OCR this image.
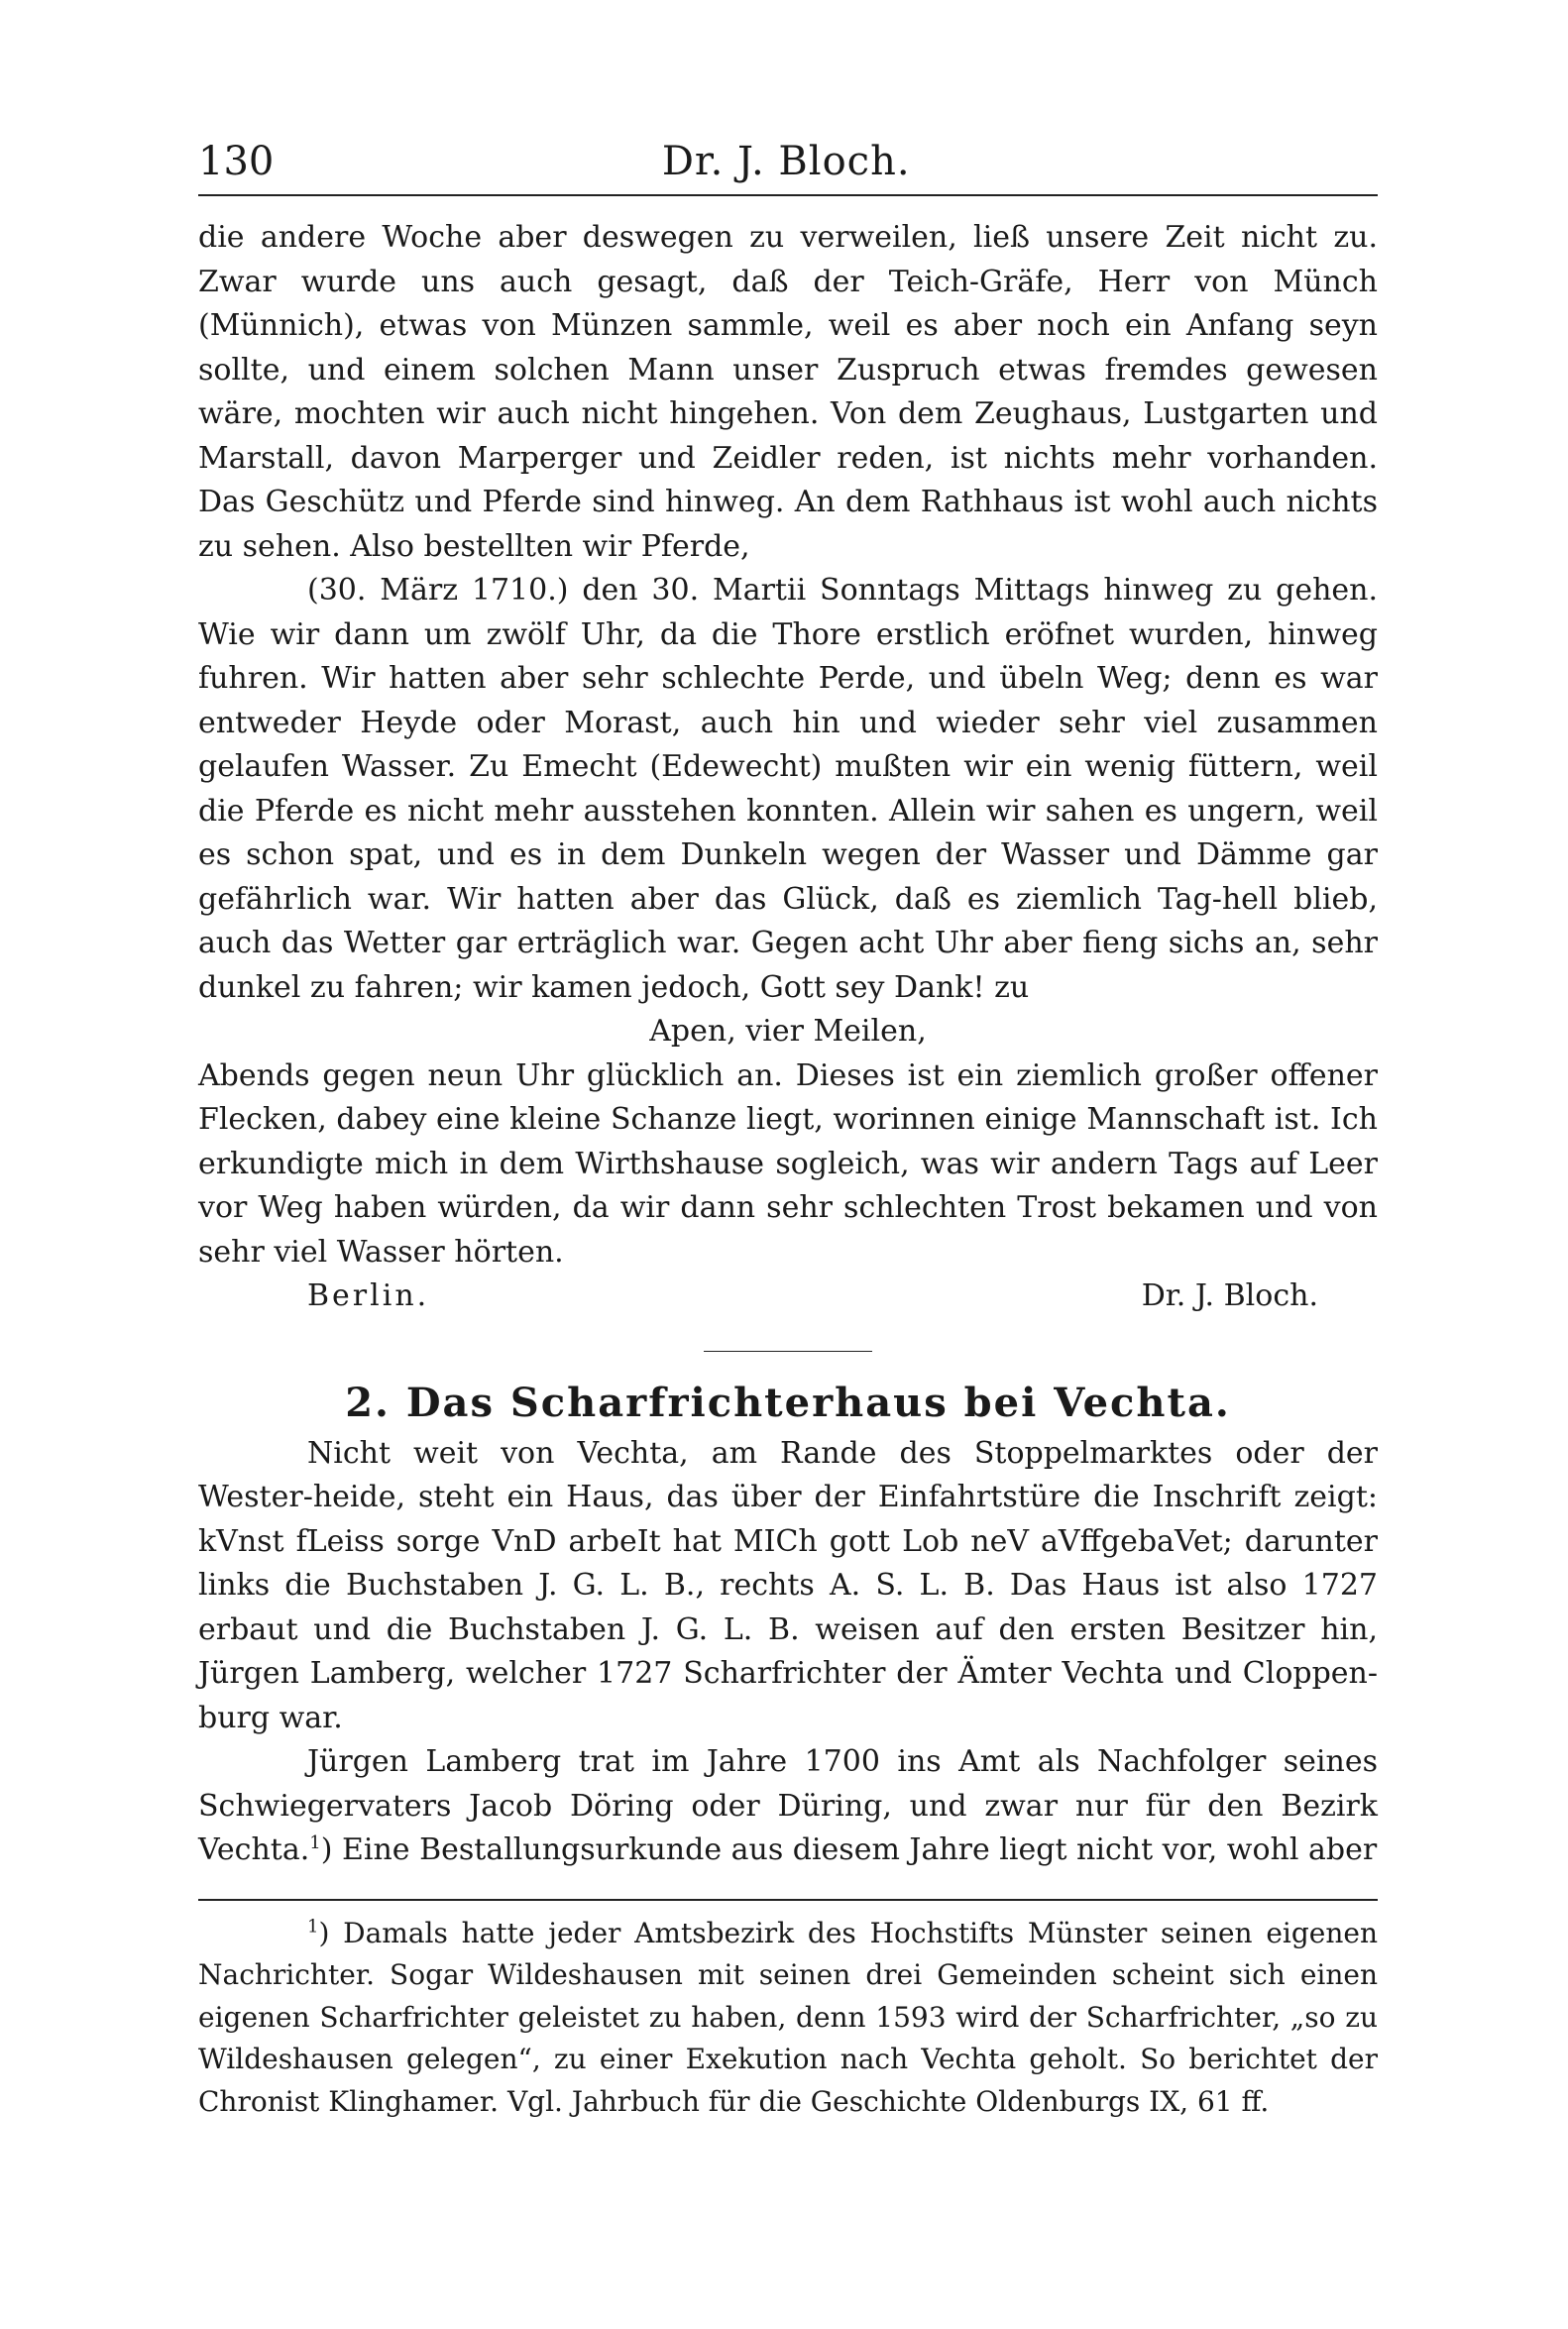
130	Dr. J. Bloch.

die andere Woche aber deswegen zu verweilen, ließ unsere Zeit nicht zu. Zwar wurde uns auch gesagt, daß der Teich-Gräfe, Herr von Münch (Münnich), etwas von Münzen sammle, weil es aber noch ein Anfang seyn sollte, und einem solchen Mann unser Zuspruch etwas fremdes gewesen wäre, mochten wir auch nicht hingehen. Von dem Zeughaus, Lustgarten und Marstall, davon Marperger und Zeidler reden, ist nichts mehr vorhanden. Das Geschütz und Pferde sind hinweg. An dem Rathhaus ist wohl auch nichts zu sehen. Also bestellten wir Pferde,

(30. März 1710.) den 30. Martii Sonntags Mittags hinweg zu gehen. Wie wir dann um zwölf Uhr, da die Thore erstlich eröfnet wurden, hinweg fuhren. Wir hatten aber sehr schlechte Perde, und übeln Weg; denn es war entweder Heyde oder Morast, auch hin und wieder sehr viel zusammen gelaufen Wasser. Zu Emecht (Edewecht) mußten wir ein wenig füttern, weil die Pferde es nicht mehr ausstehen konnten. Allein wir sahen es ungern, weil es schon spat, und es in dem Dunkeln wegen der Wasser und Dämme gar gefährlich war. Wir hatten aber das Glück, daß es ziemlich Tag-hell blieb, auch das Wetter gar erträglich war. Gegen acht Uhr aber fieng sichs an, sehr dunkel zu fahren; wir kamen jedoch, Gott sey Dank! zu

Apen, vier Meilen,

Abends gegen neun Uhr glücklich an. Dieses ist ein ziemlich großer offener Flecken, dabey eine kleine Schanze liegt, worinnen einige Mannschaft ist. Ich erkundigte mich in dem Wirthshause sogleich, was wir andern Tags auf Leer vor Weg haben würden, da wir dann sehr schlechten Trost bekamen und von sehr viel Wasser hörten.

Berlin.	Dr. J. Bloch.
2. Das Scharfrichterhaus bei Vechta.

Nicht weit von Vechta, am Rande des Stoppelmarktes oder der Wester-heide, steht ein Haus, das über der Einfahrtstüre die Inschrift zeigt: kVnst fLeiss sorge VnD arbeIt hat MICh gott Lob neV aVffgebaVet; darunter links die Buchstaben J. G. L. B., rechts A. S. L. B. Das Haus ist also 1727 erbaut und die Buchstaben J. G. L. B. weisen auf den ersten Besitzer hin, Jürgen Lamberg, welcher 1727 Scharfrichter der Ämter Vechta und Cloppen-burg war.

Jürgen Lamberg trat im Jahre 1700 ins Amt als Nachfolger seines Schwiegervaters Jacob Döring oder Düring, und zwar nur für den Bezirk Vechta.$^1$) Eine Bestallungsurkunde aus diesem Jahre liegt nicht vor, wohl aber

$^1$) Damals hatte jeder Amtsbezirk des Hochstifts Münster seinen eigenen Nachrichter. Sogar Wildeshausen mit seinen drei Gemeinden scheint sich einen eigenen Scharfrichter geleistet zu haben, denn 1593 wird der Scharfrichter, „so zu Wildeshausen gelegen“, zu einer Exekution nach Vechta geholt. So berichtet der Chronist Klinghamer. Vgl. Jahrbuch für die Geschichte Oldenburgs IX, 61 ff.
